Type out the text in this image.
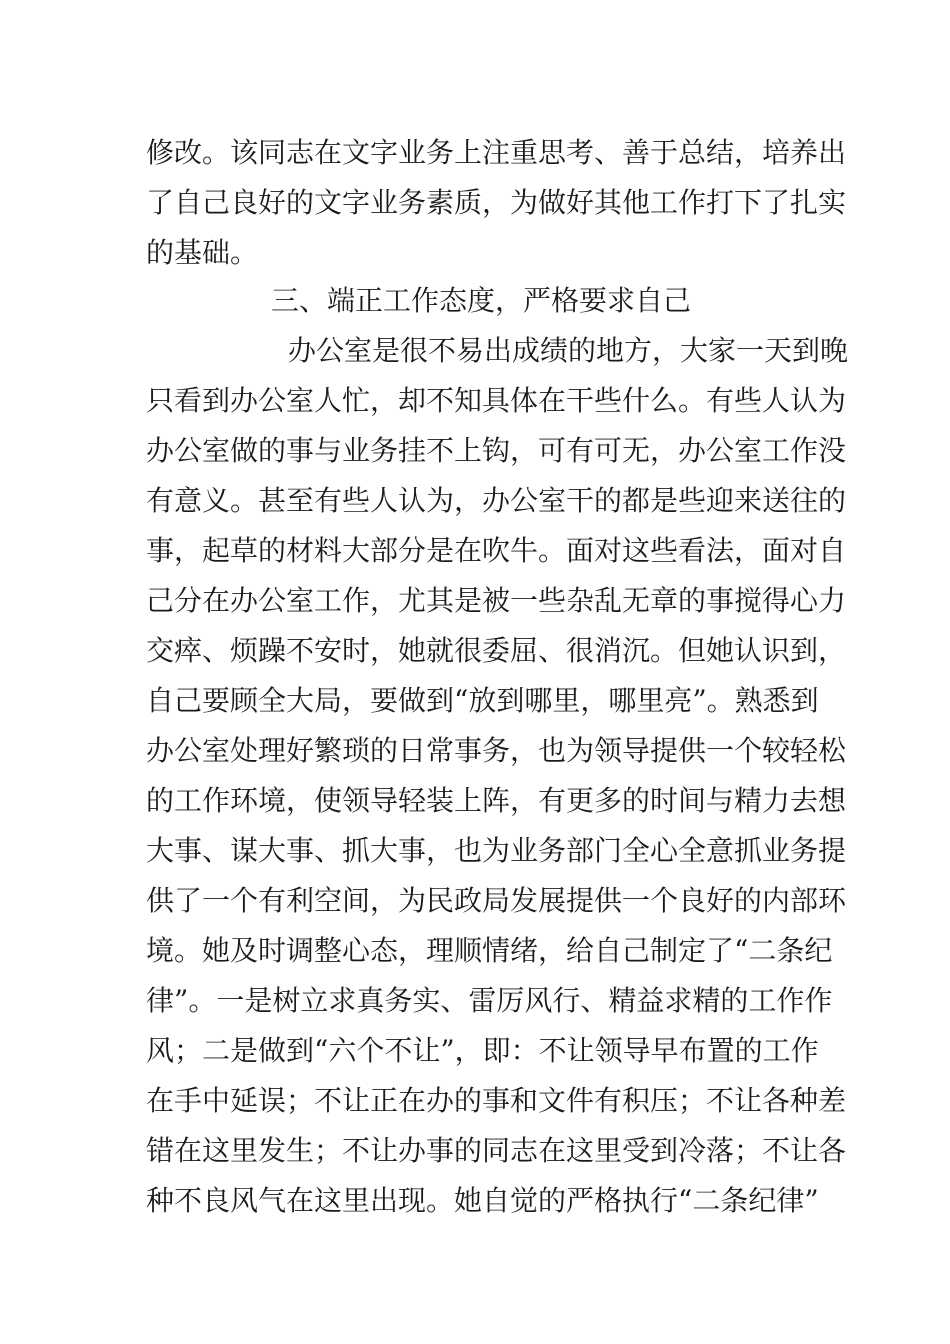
修改。该同志在文字业务上注重思考、善于总结，培养出

了自己良好的文字业务素质，为做好其他工作打下了扎实

的基础。

三、端正工作态度，严格要求自己

办公室是很不易出成绩的地方，大家一天到晚

只看到办公室人忙，却不知具体在干些什么。有些人认为

办公室做的事与业务挂不上钩，可有可无，办公室工作没

有意义。甚至有些人认为，办公室干的都是些迎来送往的

事，起草的材料大部分是在吹牛。面对这些看法，面对自

己分在办公室工作，尤其是被一些杂乱无章的事搅得心力

交瘁、烦躁不安时，她就很委屈、很消沉。但她认识到，

自己要顾全大局，要做到“放到哪里，哪里亮”。熟悉到

办公室处理好繁琐的日常事务，也为领导提供一个较轻松

的工作环境，使领导轻装上阵，有更多的时间与精力去想

大事、谋大事、抓大事，也为业务部门全心全意抓业务提

供了一个有利空间，为民政局发展提供一个良好的内部环

境。她及时调整心态，理顺情绪，给自己制定了“二条纪

律”。一是树立求真务实、雷厉风行、精益求精的工作作

风；二是做到“六个不让”，即：不让领导早布置的工作

在手中延误；不让正在办的事和文件有积压；不让各种差

错在这里发生；不让办事的同志在这里受到冷落；不让各

种不良风气在这里出现。她自觉的严格执行“二条纪律”
